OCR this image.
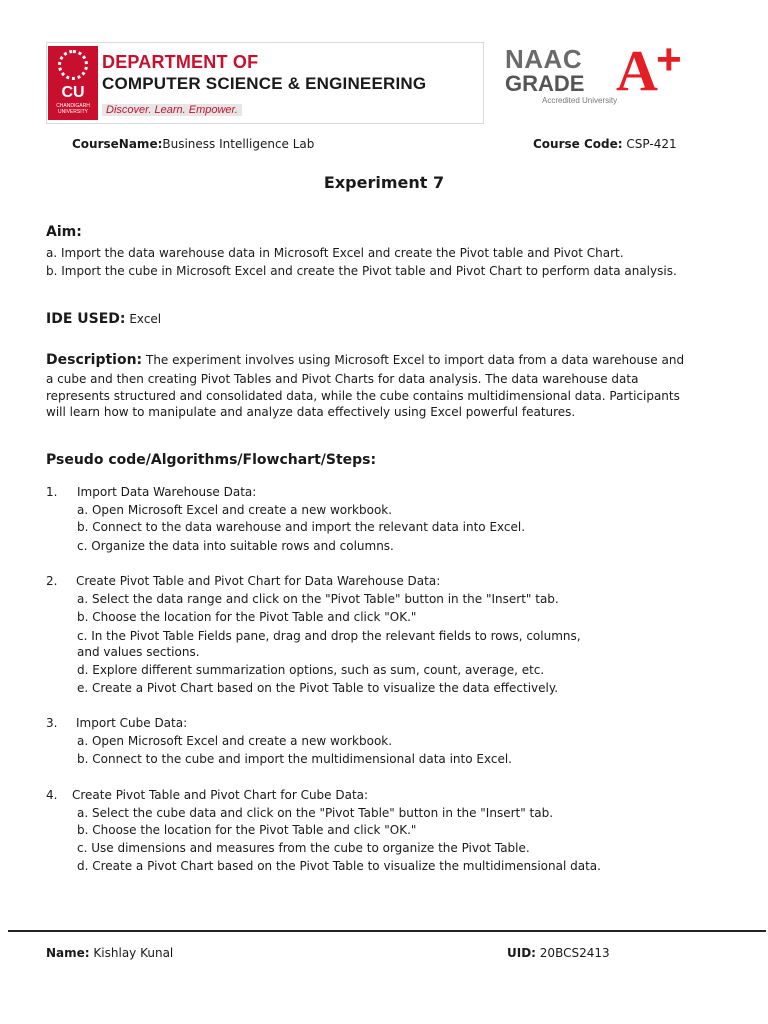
CU
CHANDIGARH UNIVERSITY
DEPARTMENT OF
COMPUTER SCIENCE & ENGINEERING
Discover. Learn. Empower.
NAAC
GRADE A
+
Accredited University
CourseName:Business Intelligence Lab	Course Code: CSP-421
Experiment 7
Aim:
a. Import the data warehouse data in Microsoft Excel and create the Pivot table and Pivot Chart.
b. Import the cube in Microsoft Excel and create the Pivot table and Pivot Chart to perform data analysis.
IDE USED: Excel
Description: The experiment involves using Microsoft Excel to import data from a data warehouse and
a cube and then creating Pivot Tables and Pivot Charts for data analysis. The data warehouse data
represents structured and consolidated data, while the cube contains multidimensional data. Participants
will learn how to manipulate and analyze data effectively using Excel powerful features.
Pseudo code/Algorithms/Flowchart/Steps:
1. Import Data Warehouse Data:
a. Open Microsoft Excel and create a new workbook.
b. Connect to the data warehouse and import the relevant data into Excel.
c. Organize the data into suitable rows and columns.
2. Create Pivot Table and Pivot Chart for Data Warehouse Data:
a. Select the data range and click on the "Pivot Table" button in the "Insert" tab.
b. Choose the location for the Pivot Table and click "OK."
c. In the Pivot Table Fields pane, drag and drop the relevant fields to rows, columns,
and values sections.
d. Explore different summarization options, such as sum, count, average, etc.
e. Create a Pivot Chart based on the Pivot Table to visualize the data effectively.
3. Import Cube Data:
a. Open Microsoft Excel and create a new workbook.
b. Connect to the cube and import the multidimensional data into Excel.
4. Create Pivot Table and Pivot Chart for Cube Data:
a. Select the cube data and click on the "Pivot Table" button in the "Insert" tab.
b. Choose the location for the Pivot Table and click "OK."
c. Use dimensions and measures from the cube to organize the Pivot Table.
d. Create a Pivot Chart based on the Pivot Table to visualize the multidimensional data.
Name: Kishlay Kunal	UID: 20BCS2413
